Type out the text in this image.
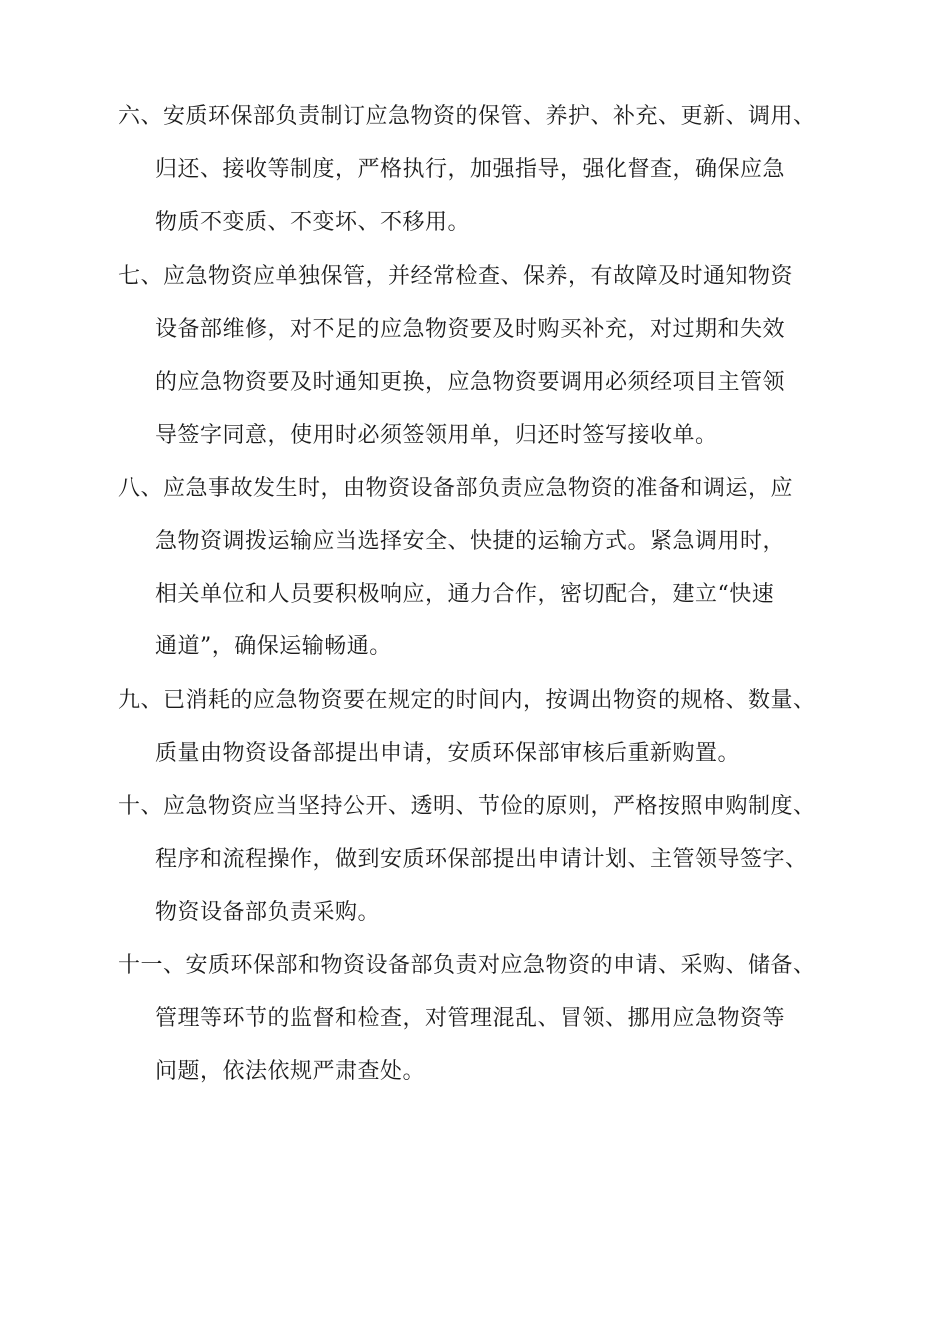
六、安质环保部负责制订应急物资的保管、养护、补充、更新、调用、
归还、接收等制度，严格执行，加强指导，强化督查，确保应急
物质不变质、不变坏、不移用。
七、应急物资应单独保管，并经常检查、保养，有故障及时通知物资
设备部维修，对不足的应急物资要及时购买补充，对过期和失效
的应急物资要及时通知更换，应急物资要调用必须经项目主管领
导签字同意，使用时必须签领用单，归还时签写接收单。
八、应急事故发生时，由物资设备部负责应急物资的准备和调运，应
急物资调拨运输应当选择安全、快捷的运输方式。紧急调用时，
相关单位和人员要积极响应，通力合作，密切配合，建立“快速
通道”，确保运输畅通。
九、已消耗的应急物资要在规定的时间内，按调出物资的规格、数量、
质量由物资设备部提出申请，安质环保部审核后重新购置。
十、应急物资应当坚持公开、透明、节俭的原则，严格按照申购制度、
程序和流程操作，做到安质环保部提出申请计划、主管领导签字、
物资设备部负责采购。
十一、安质环保部和物资设备部负责对应急物资的申请、采购、储备、
管理等环节的监督和检查，对管理混乱、冒领、挪用应急物资等
问题，依法依规严肃查处。
